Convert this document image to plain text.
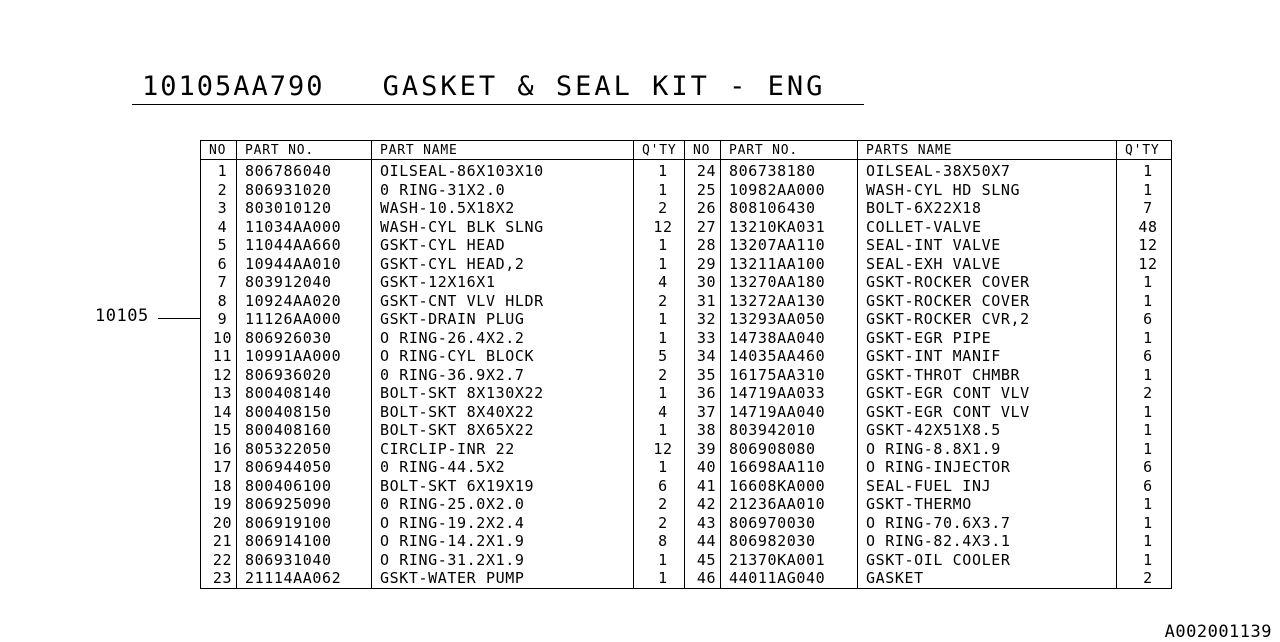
10105AA790 GASKET & SEAL KIT - ENG
10105
NO	PART NO.	PART NAME	Q'TY	NO	PART NO.	PARTS NAME	Q'TY
1	806786040	OILSEAL-86X103X10	1	24	806738180	OILSEAL-38X50X7	1
2	806931020	0 RING-31X2.0	1	25	10982AA000	WASH-CYL HD SLNG	1
3	803010120	WASH-10.5X18X2	2	26	808106430	BOLT-6X22X18	7
4	11034AA000	WASH-CYL BLK SLNG	12	27	13210KA031	COLLET-VALVE	48
5	11044AA660	GSKT-CYL HEAD	1	28	13207AA110	SEAL-INT VALVE	12
6	10944AA010	GSKT-CYL HEAD,2	1	29	13211AA100	SEAL-EXH VALVE	12
7	803912040	GSKT-12X16X1	4	30	13270AA180	GSKT-ROCKER COVER	1
8	10924AA020	GSKT-CNT VLV HLDR	2	31	13272AA130	GSKT-ROCKER COVER	1
9	11126AA000	GSKT-DRAIN PLUG	1	32	13293AA050	GSKT-ROCKER CVR,2	6
10	806926030	O RING-26.4X2.2	1	33	14738AA040	GSKT-EGR PIPE	1
11	10991AA000	O RING-CYL BLOCK	5	34	14035AA460	GSKT-INT MANIF	6
12	806936020	0 RING-36.9X2.7	2	35	16175AA310	GSKT-THROT CHMBR	1
13	800408140	BOLT-SKT 8X130X22	1	36	14719AA033	GSKT-EGR CONT VLV	2
14	800408150	BOLT-SKT 8X40X22	4	37	14719AA040	GSKT-EGR CONT VLV	1
15	800408160	BOLT-SKT 8X65X22	1	38	803942010	GSKT-42X51X8.5	1
16	805322050	CIRCLIP-INR 22	12	39	806908080	O RING-8.8X1.9	1
17	806944050	0 RING-44.5X2	1	40	16698AA110	O RING-INJECTOR	6
18	800406100	BOLT-SKT 6X19X19	6	41	16608KA000	SEAL-FUEL INJ	6
19	806925090	0 RING-25.0X2.0	2	42	21236AA010	GSKT-THERMO	1
20	806919100	O RING-19.2X2.4	2	43	806970030	O RING-70.6X3.7	1
21	806914100	O RING-14.2X1.9	8	44	806982030	O RING-82.4X3.1	1
22	806931040	O RING-31.2X1.9	1	45	21370KA001	GSKT-OIL COOLER	1
23	21114AA062	GSKT-WATER PUMP	1	46	44011AG040	GASKET	2
A002001139
